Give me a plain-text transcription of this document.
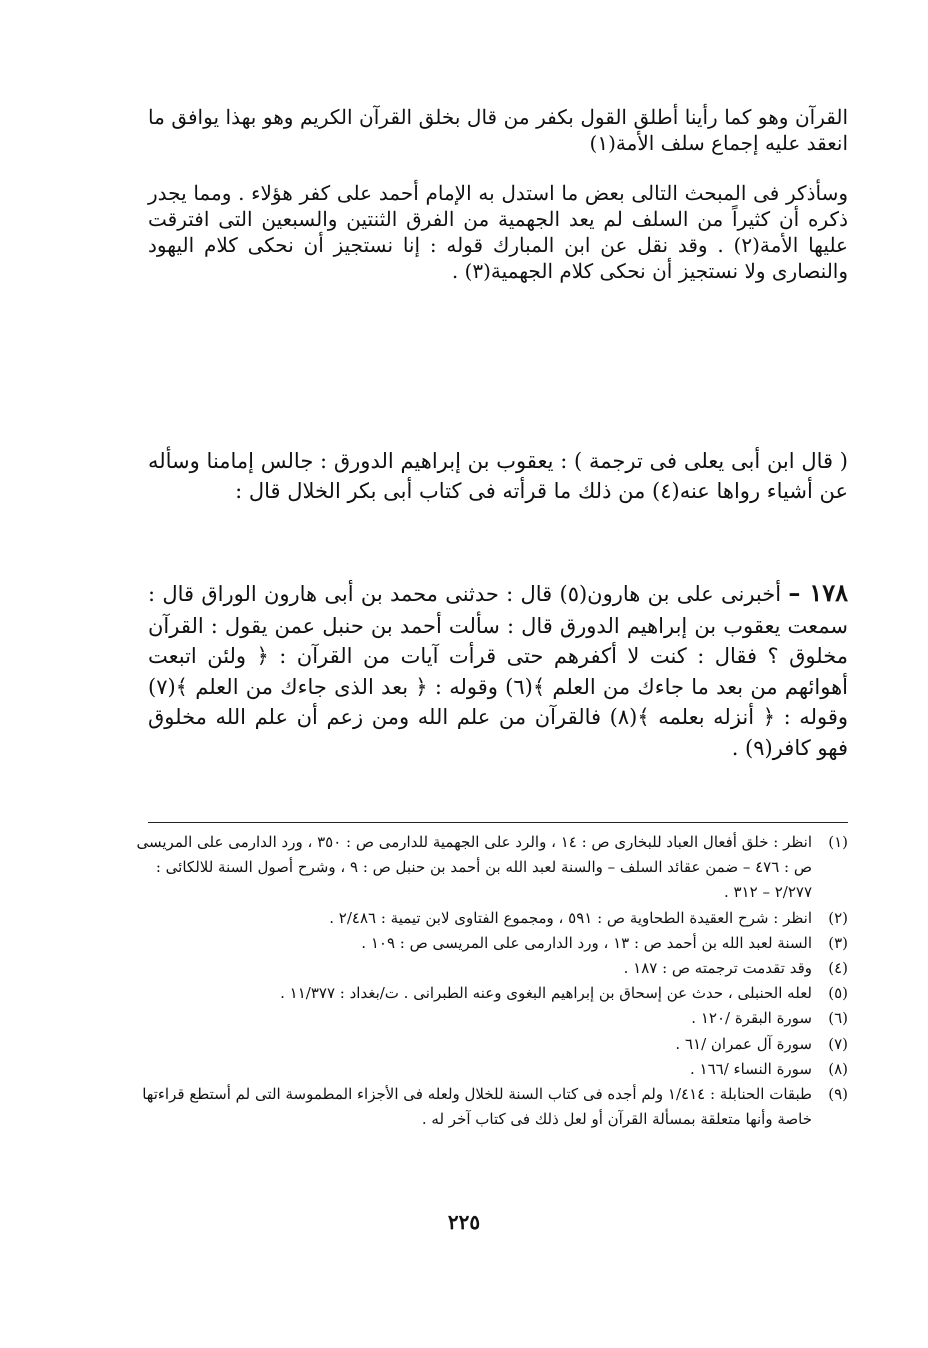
القرآن وهو كما رأينا أطلق القول بكفر من قال بخلق القرآن الكريم وهو بهذا يوافق ما انعقد عليه إجماع سلف الأمة(١)

وسأذكر فى المبحث التالى بعض ما استدل به الإمام أحمد على كفر هؤلاء . ومما يجدر ذكره أن كثيراً من السلف لم يعد الجهمية من الفرق الثنتين والسبعين التى افترقت عليها الأمة(٢) . وقد نقل عن ابن المبارك قوله : إنا نستجيز أن نحكى كلام اليهود والنصارى ولا نستجيز أن نحكى كلام الجهمية(٣) .

( قال ابن أبى يعلى فى ترجمة ) : يعقوب بن إبراهيم الدورق : جالس إمامنا وسأله عن أشياء رواها عنه(٤) من ذلك ما قرأته فى كتاب أبى بكر الخلال قال :

١٧٨ – أخبرنى على بن هارون(٥) قال : حدثنى محمد بن أبى هارون الوراق قال : سمعت يعقوب بن إبراهيم الدورق قال : سألت أحمد بن حنبل عمن يقول : القرآن مخلوق ؟ فقال : كنت لا أكفرهم حتى قرأت آيات من القرآن : ﴿ ولئن اتبعت أهوائهم من بعد ما جاءك من العلم ﴾(٦) وقوله : ﴿ بعد الذى جاءك من العلم ﴾(٧) وقوله : ﴿ أنزله بعلمه ﴾(٨) فالقرآن من علم الله ومن زعم أن علم الله مخلوق فهو كافر(٩) .

(١)
انظر : خلق أفعال العباد للبخارى ص : ١٤ ، والرد على الجهمية للدارمى ص : ٣٥٠ ، ورد الدارمى على المريسى ص : ٤٧٦ – ضمن عقائد السلف – والسنة لعبد الله بن أحمد بن حنبل ص : ٩ ، وشرح أصول السنة للالكائى : ٢/٢٧٧ – ٣١٢ .
(٢)
انظر : شرح العقيدة الطحاوية ص : ٥٩١ ، ومجموع الفتاوى لابن تيمية : ٢/٤٨٦ .
(٣)
السنة لعبد الله بن أحمد ص : ١٣ ، ورد الدارمى على المريسى ص : ١٠٩ .
(٤)
وقد تقدمت ترجمته ص : ١٨٧ .
(٥)
لعله الحنبلى ، حدث عن إسحاق بن إبراهيم البغوى وعنه الطبرانى . ت/بغداد : ١١/٣٧٧ .
(٦)
سورة البقرة /١٢٠ .
(٧)
سورة آل عمران /٦١ .
(٨)
سورة النساء /١٦٦ .
(٩)
طبقات الحنابلة : ١/٤١٤ ولم أجده فى كتاب السنة للخلال ولعله فى الأجزاء المطموسة التى لم أستطع قراءتها خاصة وأنها متعلقة بمسألة القرآن أو لعل ذلك فى كتاب آخر له .
٢٢٥
